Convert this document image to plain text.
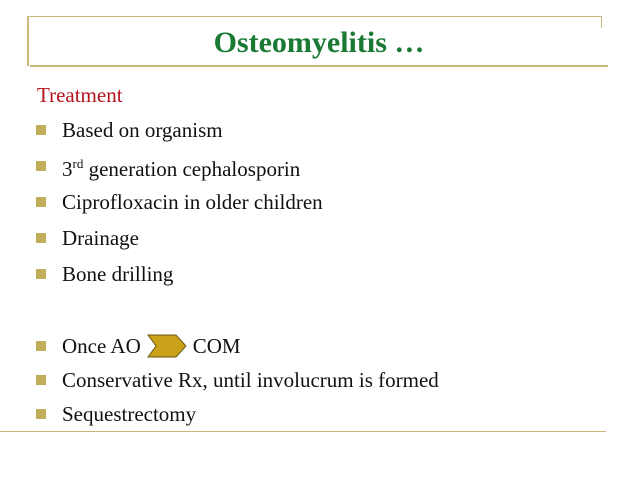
Osteomyelitis …
Treatment
Based on organism
3rd generation cephalosporin
Ciprofloxacin in older children
Drainage
Bone drilling
Once AO COM
Conservative Rx, until involucrum is formed
Sequestrectomy
